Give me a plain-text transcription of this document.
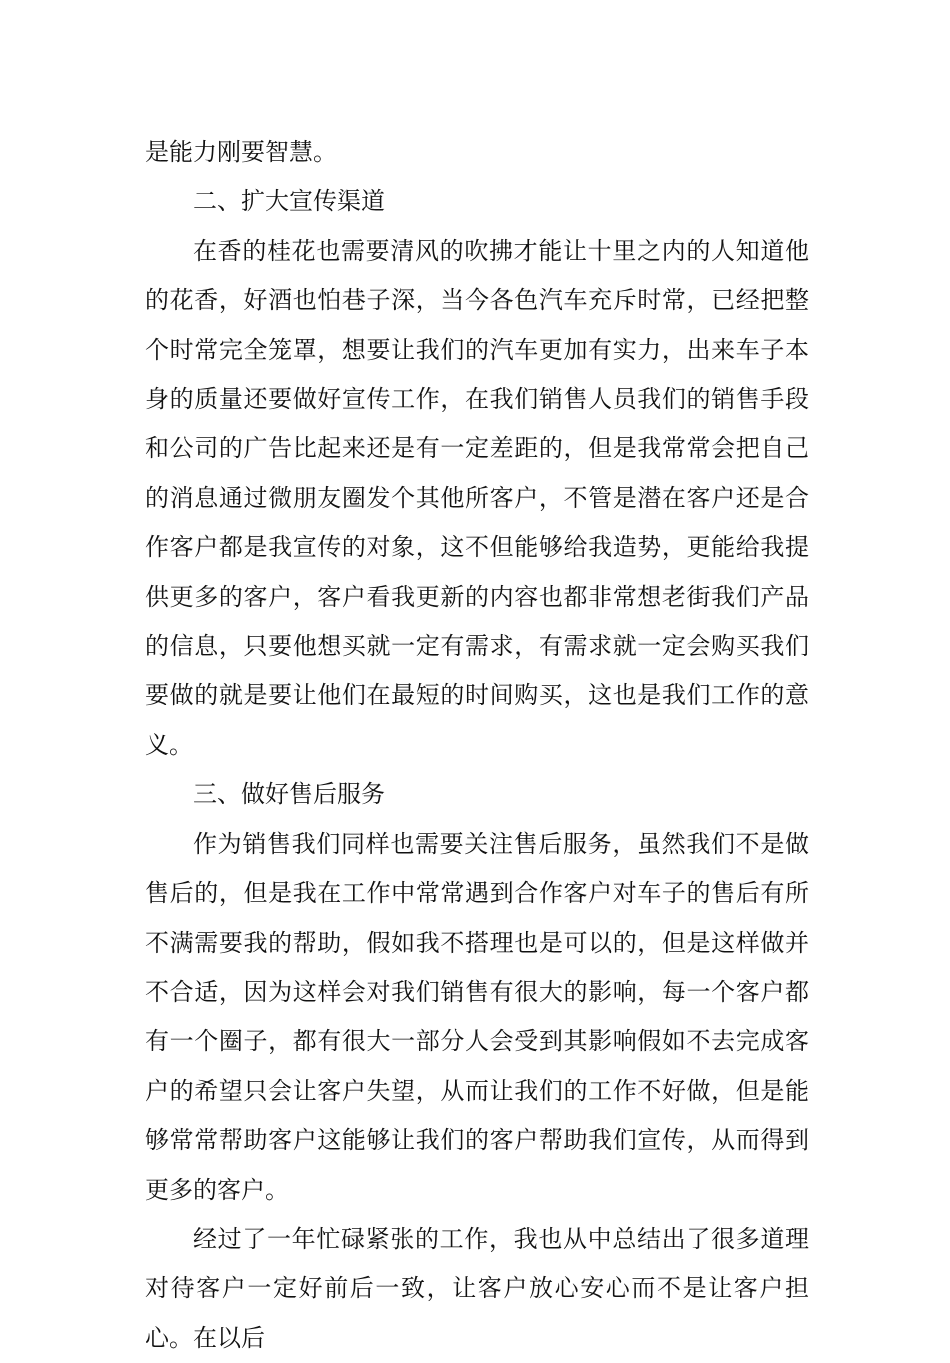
是能力刚要智慧。

二、扩大宣传渠道

在香的桂花也需要清风的吹拂才能让十里之内的人知道他的花香，好酒也怕巷子深，当今各色汽车充斥时常，已经把整个时常完全笼罩，想要让我们的汽车更加有实力，出来车子本身的质量还要做好宣传工作，在我们销售人员我们的销售手段和公司的广告比起来还是有一定差距的，但是我常常会把自己的消息通过微朋友圈发个其他所客户，不管是潜在客户还是合作客户都是我宣传的对象，这不但能够给我造势，更能给我提供更多的客户，客户看我更新的内容也都非常想老街我们产品的信息，只要他想买就一定有需求，有需求就一定会购买我们要做的就是要让他们在最短的时间购买，这也是我们工作的意义。

三、做好售后服务

作为销售我们同样也需要关注售后服务，虽然我们不是做售后的，但是我在工作中常常遇到合作客户对车子的售后有所不满需要我的帮助，假如我不搭理也是可以的，但是这样做并不合适，因为这样会对我们销售有很大的影响，每一个客户都有一个圈子，都有很大一部分人会受到其影响假如不去完成客户的希望只会让客户失望，从而让我们的工作不好做，但是能够常常帮助客户这能够让我们的客户帮助我们宣传，从而得到更多的客户。

经过了一年忙碌紧张的工作，我也从中总结出了很多道理对待客户一定好前后一致，让客户放心安心而不是让客户担心。在以后
